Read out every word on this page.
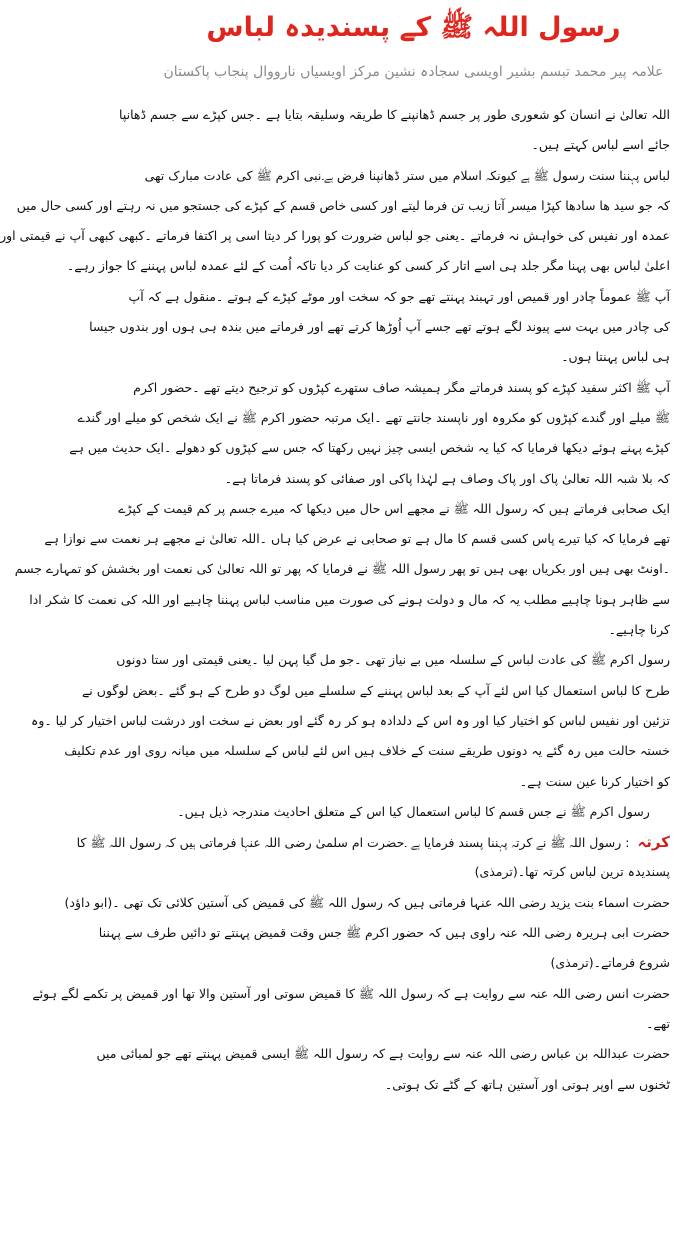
رسول اللہ ﷺ کے پسندیدہ لباس

علامہ پیر محمد تبسم بشیر اویسی سجادہ نشین مرکز اویسیاں نارووال پنجاب پاکستان

اللہ تعالیٰ نے انسان کو شعوری طور پر جسم ڈھانپنے کا طریقہ وسلیقہ بتایا ہے ۔جس کپڑے سے جسم ڈھانپا
جائے اسے لباس کہتے ہیں۔
لباس پہننا سنت رسول ﷺ ہے کیونکہ اسلام میں ستر ڈھانپنا فرض ہے۔نبی اکرم ﷺ کی عادت مبارک تھی
کہ جو سید ھا سادھا کپڑا میسر آتا زیب تن فرما لیتے اور کسی خاص قسم کے کپڑے کی جستجو میں نہ رہتے اور کسی حال میں
عمدہ اور نفیس کی خواہش نہ فرماتے ۔یعنی جو لباس ضرورت کو پورا کر دیتا اسی پر اکتفا فرماتے ۔کبھی کبھی آپ نے قیمتی اور
اعلیٰ لباس بھی پہنا مگر جلد ہی اسے اتار کر کسی کو عنایت کر دیا تاکہ اُمت کے لئے عمدہ لباس پہننے کا جواز رہے۔
آپ ﷺ عموماً چادر اور قمیص اور تہبند پہنتے تھے جو کہ سخت اور موٹے کپڑے کے ہوتے ۔منقول ہے کہ آپ
کی چادر میں بہت سے پیوند لگے ہوتے تھے جسے آپ اُوڑھا کرتے تھے اور فرماتے میں بندہ ہی ہوں اور بندوں جیسا
ہی لباس پہنتا ہوں۔
آپ ﷺ اکثر سفید کپڑے کو پسند فرماتے مگر ہمیشہ صاف ستھرے کپڑوں کو ترجیح دیتے تھے ۔حضور اکرم
ﷺ میلے اور گندے کپڑوں کو مکروہ اور ناپسند جانتے تھے ۔ایک مرتبہ حضور اکرم ﷺ نے ایک شخص کو میلے اور گندے
کپڑے پہنے ہوئے دیکھا فرمایا کہ کیا یہ شخص ایسی چیز نہیں رکھتا کہ جس سے کپڑوں کو دھولے ۔ایک حدیث میں ہے
کہ بلا شبہ اللہ تعالیٰ پاک اور پاک وصاف ہے لہٰذا پاکی اور صفائی کو پسند فرماتا ہے۔
ایک صحابی فرماتے ہیں کہ رسول اللہ ﷺ نے مجھے اس حال میں دیکھا کہ میرے جسم پر کم قیمت کے کپڑے
تھے فرمایا کہ کیا تیرے پاس کسی قسم کا مال ہے تو صحابی نے عرض کیا ہاں ۔اللہ تعالیٰ نے مجھے ہر نعمت سے نوازا ہے
۔اونٹ بھی ہیں اور بکریاں بھی ہیں تو پھر رسول اللہ ﷺ نے فرمایا کہ پھر تو اللہ تعالیٰ کی نعمت اور بخشش کو تمہارے جسم
سے ظاہر ہونا چاہیے مطلب یہ کہ مال و دولت ہونے کی صورت میں مناسب لباس پہننا چاہیے اور اللہ کی نعمت کا شکر ادا
کرنا چاہیے۔
رسول اکرم ﷺ کی عادت لباس کے سلسلہ میں بے نیاز تھی ۔جو مل گیا پہن لیا ۔یعنی قیمتی اور ستا دونوں
طرح کا لباس استعمال کیا اس لئے آپ کے بعد لباس پہننے کے سلسلے میں لوگ دو طرح کے ہو گئے ۔بعض لوگوں نے
تزئین اور نفیس لباس کو اختیار کیا اور وہ اس کے دلدادہ ہو کر رہ گئے اور بعض نے سخت اور درشت لباس اختیار کر لیا ۔وہ
خستہ حالت میں رہ گئے یہ دونوں طریقے سنت کے خلاف ہیں اس لئے لباس کے سلسلہ میں میانہ روی اور عدم تکلیف
کو اختیار کرنا عین سنت ہے۔
رسول اکرم ﷺ نے جس قسم کا لباس استعمال کیا اس کے متعلق احادیث مندرجہ ذیل ہیں۔
کرتہ: رسول اللہ ﷺ نے کرتہ پہننا پسند فرمایا ہے ۔حضرت ام سلمیٰ رضی اللہ عنہا فرماتی ہیں کہ رسول اللہ ﷺ کا
پسندیدہ ترین لباس کرتہ تھا۔(ترمذی)
حضرت اسماء بنت یزید رضی اللہ عنہا فرماتی ہیں کہ رسول اللہ ﷺ کی قمیض کی آستین کلائی تک تھی ۔(ابو داؤد)
حضرت ابی ہریرہ رضی اللہ عنہ راوی ہیں کہ حضور اکرم ﷺ جس وقت قمیض پہنتے تو دائیں طرف سے پہننا
شروع فرماتے۔(ترمذی)
حضرت انس رضی اللہ عنہ سے روایت ہے کہ رسول اللہ ﷺ کا قمیض سوتی اور آستین والا تھا اور قمیض پر تکمے لگے ہوئے
تھے۔
حضرت عبداللہ بن عباس رضی اللہ عنہ سے روایت ہے کہ رسول اللہ ﷺ ایسی قمیض پہنتے تھے جو لمبائی میں
ٹخنوں سے اوپر ہوتی اور آستین ہاتھ کے گٹے تک ہوتی۔
